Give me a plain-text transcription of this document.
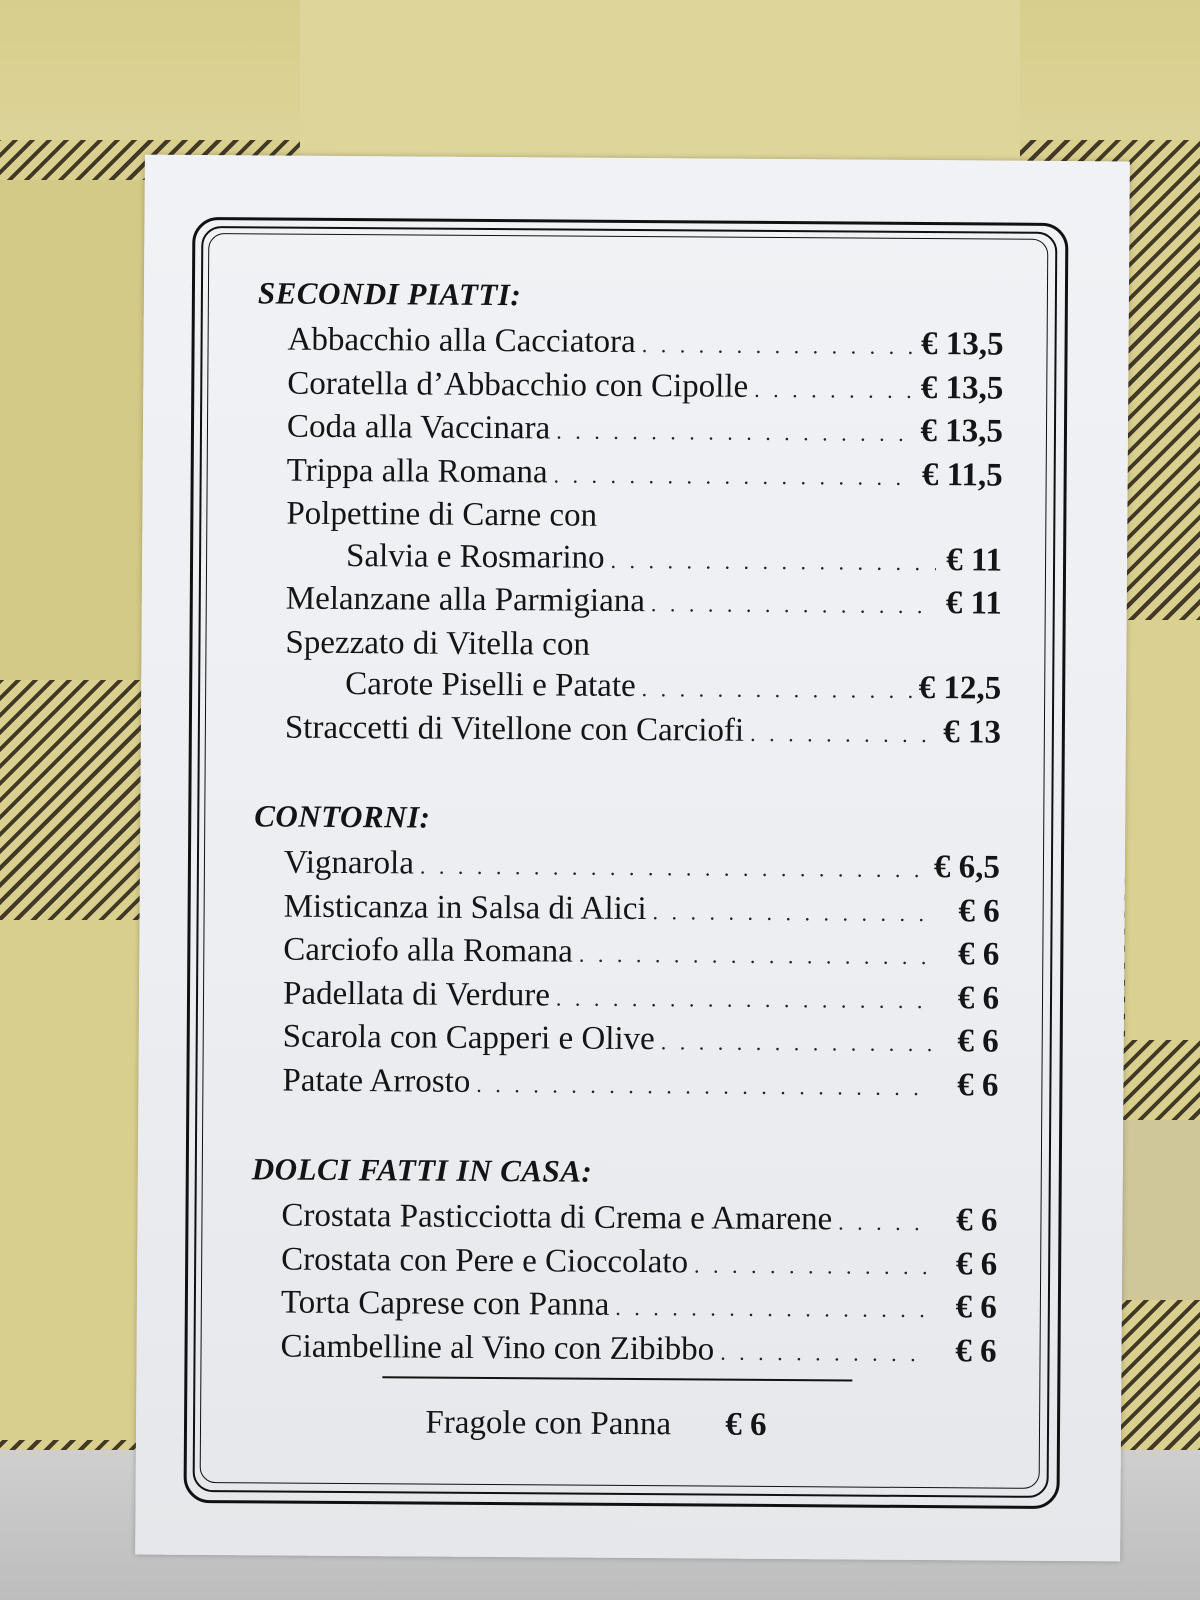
SECONDI PIATTI:
Abbacchio alla Cacciatora . . .	€ 13,5
Coratella d’Abbacchio con Cipolle . . .	€ 13,5
Coda alla Vaccinara . . .	€ 13,5
Trippa alla Romana . . .	€ 11,5
Polpettine di Carne con
Salvia e Rosmarino . . .	€ 11
Melanzane alla Parmigiana . . .	€ 11
Spezzato di Vitella con
Carote Piselli e Patate . . .	€ 12,5
Straccetti di Vitellone con Carciofi . . .	€ 13
CONTORNI:
Vignarola . . .	€ 6,5
Misticanza in Salsa di Alici . . .	€ 6
Carciofo alla Romana . . .	€ 6
Padellata di Verdure . . .	€ 6
Scarola con Capperi e Olive . . .	€ 6
Patate Arrosto . . .	€ 6
DOLCI FATTI IN CASA:
Crostata Pasticciotta di Crema e Amarene . . .	€ 6
Crostata con Pere e Cioccolato . . .	€ 6
Torta Caprese con Panna . . .	€ 6
Ciambelline al Vino con Zibibbo . . .	€ 6
Fragole con Panna € 6
